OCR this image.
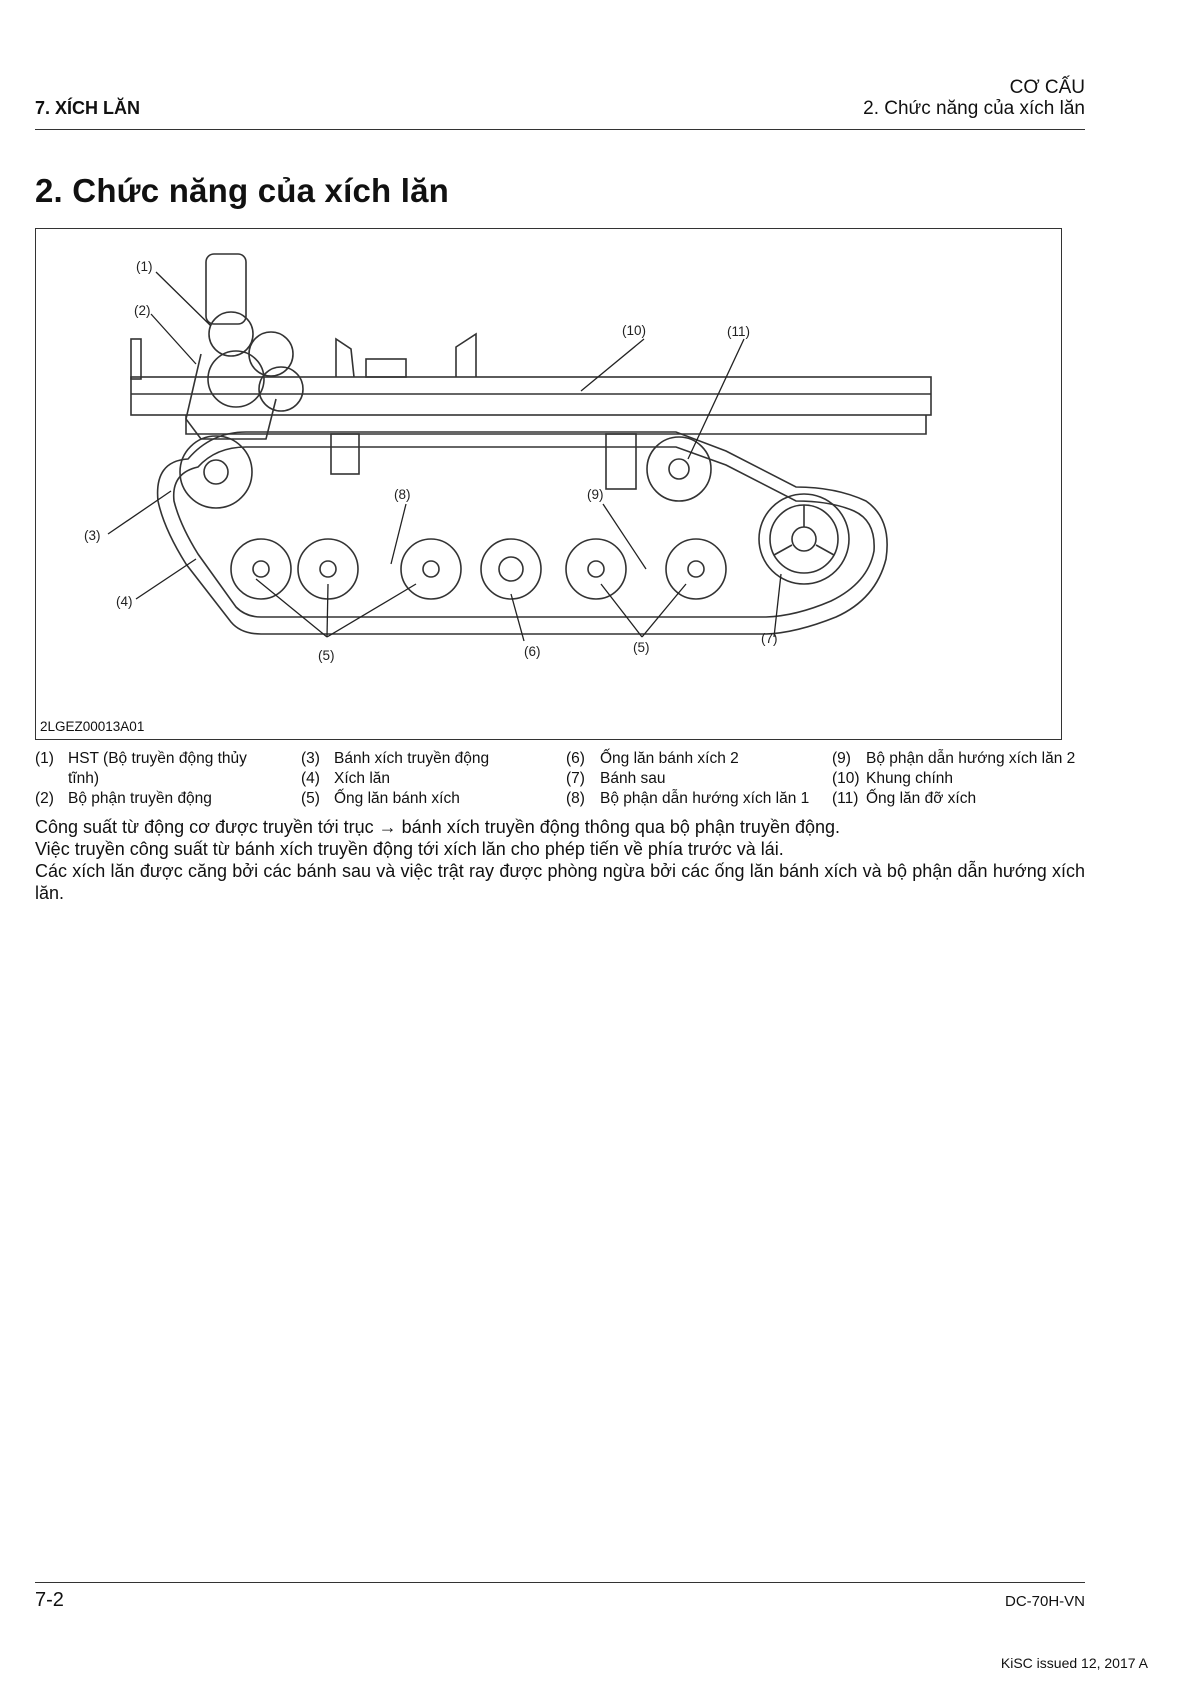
7. XÍCH LĂN
CƠ CẤU
2. Chức năng của xích lăn
2. Chức năng của xích lăn
(1)
(2)
(3)
(4)
(5)	(6)	(5)
(7)
(8)	(9)
(10)	(11)
2LGEZ00013A01
(1) HST (Bộ truyền động thủy
tĩnh)
(2) Bộ phận truyền động
(3) Bánh xích truyền động
(4) Xích lăn
(5) Ống lăn bánh xích
(6) Ống lăn bánh xích 2
(7) Bánh sau
(8) Bộ phận dẫn hướng xích lăn 1
(9) Bộ phận dẫn hướng xích lăn 2
(10) Khung chính
(11) Ống lăn đỡ xích

Công suất từ động cơ được truyền tới trục → bánh xích truyền động thông qua bộ phận truyền động.

Việc truyền công suất từ bánh xích truyền động tới xích lăn cho phép tiến về phía trước và lái.

Các xích lăn được căng bởi các bánh sau và việc trật ray được phòng ngừa bởi các ống lăn bánh xích và bộ phận dẫn hướng xích lăn.

7-2	DC-70H-VN
KiSC issued 12, 2017 A
